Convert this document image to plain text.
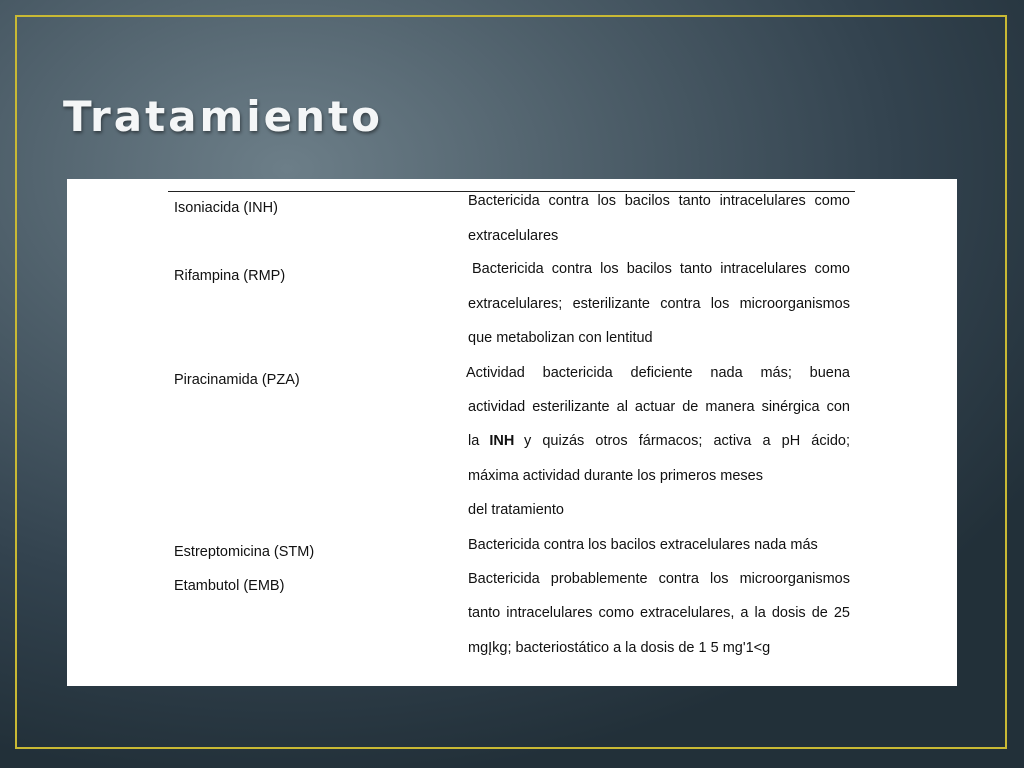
Tratamiento
Isoniacida (INH)	Bactericida contra los bacilos tanto intracelulares como
extracelulares
Rifampina (RMP)	Bactericida contra los bacilos tanto intracelulares como
extracelulares; esterilizante contra los microorganismos
que metabolizan con lentitud
Piracinamida (PZA)	Actividad bactericida deficiente nada más; buena
actividad esterilizante al actuar de manera sinérgica con
la INH y quizás otros fármacos; activa a pH ácido;
máxima actividad durante los primeros meses
del tratamiento
Estreptomicina (STM)	Bactericida contra los bacilos extracelulares nada más
Etambutol (EMB)	Bactericida probablemente contra los microorganismos
tanto intracelulares como extracelulares, a la dosis de 25
mgĮkg; bacteriostático a la dosis de 1 5 mg'1<g
